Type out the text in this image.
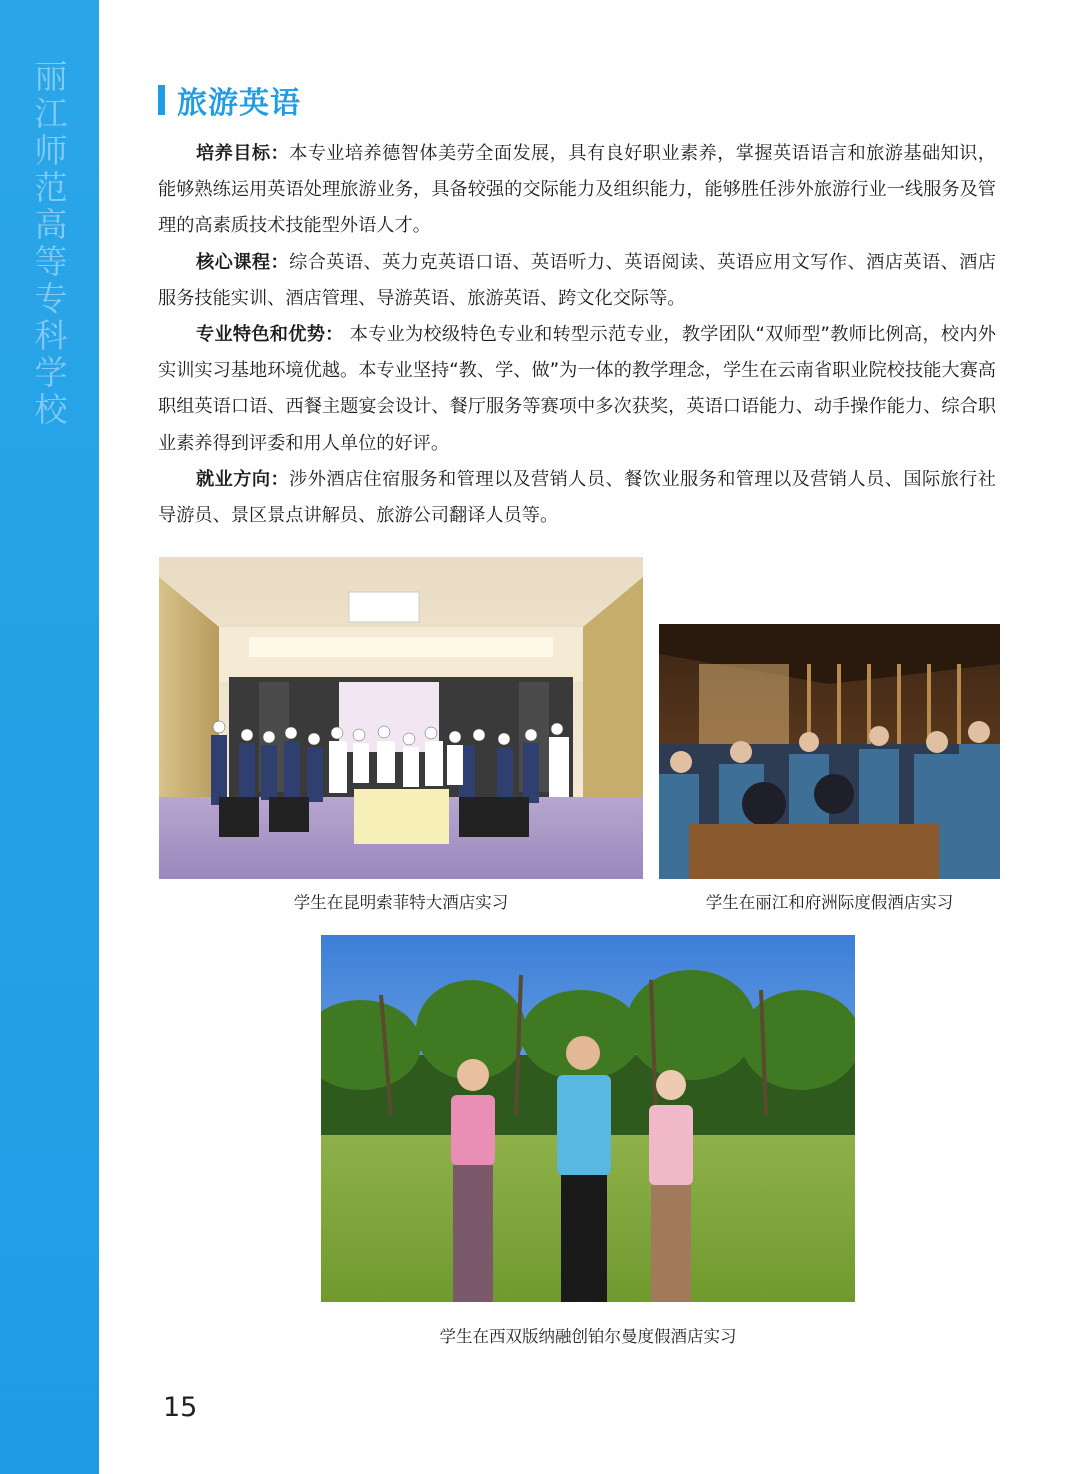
丽江师范高等专科学校
旅游英语

培养目标：本专业培养德智体美劳全面发展，具有良好职业素养，掌握英语语言和旅游基础知识，能够熟练运用英语处理旅游业务，具备较强的交际能力及组织能力，能够胜任涉外旅游行业一线服务及管理的高素质技术技能型外语人才。

核心课程：综合英语、英力克英语口语、英语听力、英语阅读、英语应用文写作、酒店英语、酒店服务技能实训、酒店管理、导游英语、旅游英语、跨文化交际等。

专业特色和优势： 本专业为校级特色专业和转型示范专业，教学团队“双师型”教师比例高，校内外实训实习基地环境优越。本专业坚持“教、学、做”为一体的教学理念，学生在云南省职业院校技能大赛高职组英语口语、西餐主题宴会设计、餐厅服务等赛项中多次获奖，英语口语能力、动手操作能力、综合职业素养得到评委和用人单位的好评。

就业方向：涉外酒店住宿服务和管理以及营销人员、餐饮业服务和管理以及营销人员、国际旅行社导游员、景区景点讲解员、旅游公司翻译人员等。

学生在昆明索菲特大酒店实习	学生在丽江和府洲际度假酒店实习
学生在西双版纳融创铂尔曼度假酒店实习
15
